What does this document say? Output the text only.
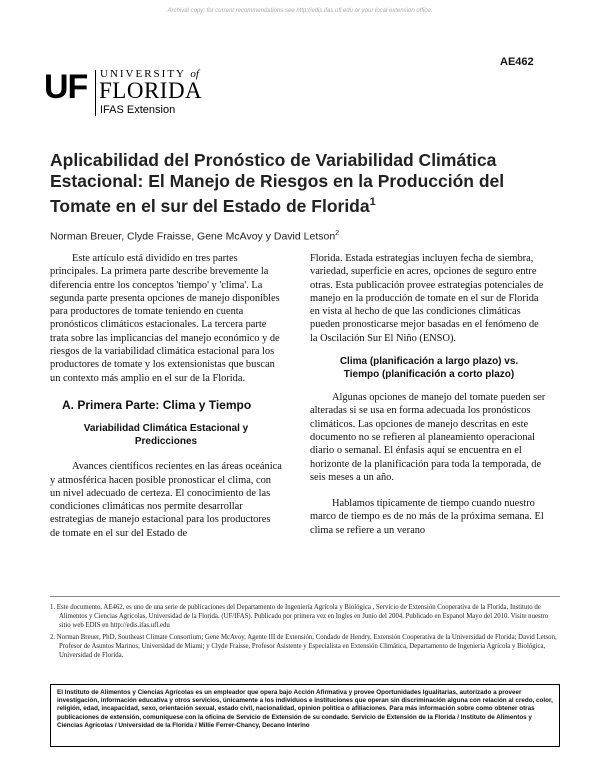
Archival copy: for current recommendations see http://edis.ifas.ufl.edu or your local extension office.
UF UNIVERSITY of
FLORIDA
IFAS Extension
AE462
Aplicabilidad del Pronóstico de Variabilidad Climática Estacional: El Manejo de Riesgos en la Producción del Tomate en el sur del Estado de Florida$^1$
Norman Breuer, Clyde Fraisse, Gene McAvoy y David Letson$^2$

Este artículo está dividido en tres partes principales. La primera parte describe brevemente la diferencia entre los conceptos 'tiempo' y 'clima'. La segunda parte presenta opciones de manejo disponibles para productores de tomate teniendo en cuenta pronósticos climáticos estacionales. La tercera parte trata sobre las implicancias del manejo económico y de riesgos de la variabilidad climática estacional para los productores de tomate y los extensionistas que buscan un contexto más amplio en el sur de la Florida.

A. Primera Parte: Clima y Tiempo
Variabilidad Climática Estacional y
Predicciones

Avances científicos recientes en las áreas oceánica y atmosférica hacen posible pronosticar el clima, con un nivel adecuado de certeza. El conocimiento de las condiciones climáticas nos permite desarrollar estrategias de manejo estacional para los productores de tomate en el sur del Estado de

Florida. Estada estrategias incluyen fecha de siembra, variedad, superficie en acres, opciones de seguro entre otras. Esta publicación provee estrategias potenciales de manejo en la producción de tomate en el sur de Florida en vista al hecho de que las condiciones climáticas pueden pronosticarse mejor basadas en el fenómeno de la Oscilación Sur El Niño (ENSO).

Clima (planificación a largo plazo) vs.
Tiempo (planificación a corto plazo)

Algunas opciones de manejo del tomate pueden ser alteradas si se usa en forma adecuada los pronósticos climáticos. Las opciones de manejo descritas en este documento no se refieren al planeamiento operacional diario o semanal. El énfasis aquí se encuentra en el horizonte de la planificación para toda la temporada, de seis meses a un año.

Hablamos típicamente de tiempo cuando nuestro marco de tiempo es de no más de la próxima semana. El clima se refiere a un verano

1. Este documento, AE462, es uno de una serie de publicaciones del Departamento de Ingeniería Agrícola y Biológica , Servicio de Extensión Cooperativa de la Florida, Instituto de Alimentos y Ciencias Agrícolas, Universidad de la Florida. (UF/IFAS). Publicado por primera vez en Ingles en Junio del 2004. Publicado en Espanol Mayo del 2010. Visite nuestro sitio web EDIS en http://edis.ifas.ufl.edu

2. Norman Breuer, PhD, Southeast Climate Consortium; Gene McAvoy, Agente III de Extensión, Condado de Hendry, Extensión Cooperativa de la Universidad de Florida; David Letson, Profesor de Asuntos Marinos, Universidad de Miami; y Clyde Fraisse, Profesor Asistente y Especialista en Extensión Climática, Departamento de Ingeniería Agrícola y Biológica, Universidad de Florida.

El Instituto de Alimentos y Ciencias Agrícolas es un empleador que opera bajo Acción Afirmativa y provee Oportunidades Igualitarias, autorizado a proveer investigación, información educativa y otros servicios, únicamente a los individuos e instituciones que operan sin discriminación alguna con relación al credo, color, religión, edad, incapacidad, sexo, orientación sexual, estado civil, nacionalidad, opinion política o afiliaciones. Para más información sobre como obtener otras publicaciones de extensión, comuníquese con la oficina de Servicio de Extensión de su condado. Servicio de Extensión de la Florida / Instituto de Alimentos y Ciencias Agrícolas / Universidad de la Florida / Millie Ferrer-Chancy, Decano Interino
